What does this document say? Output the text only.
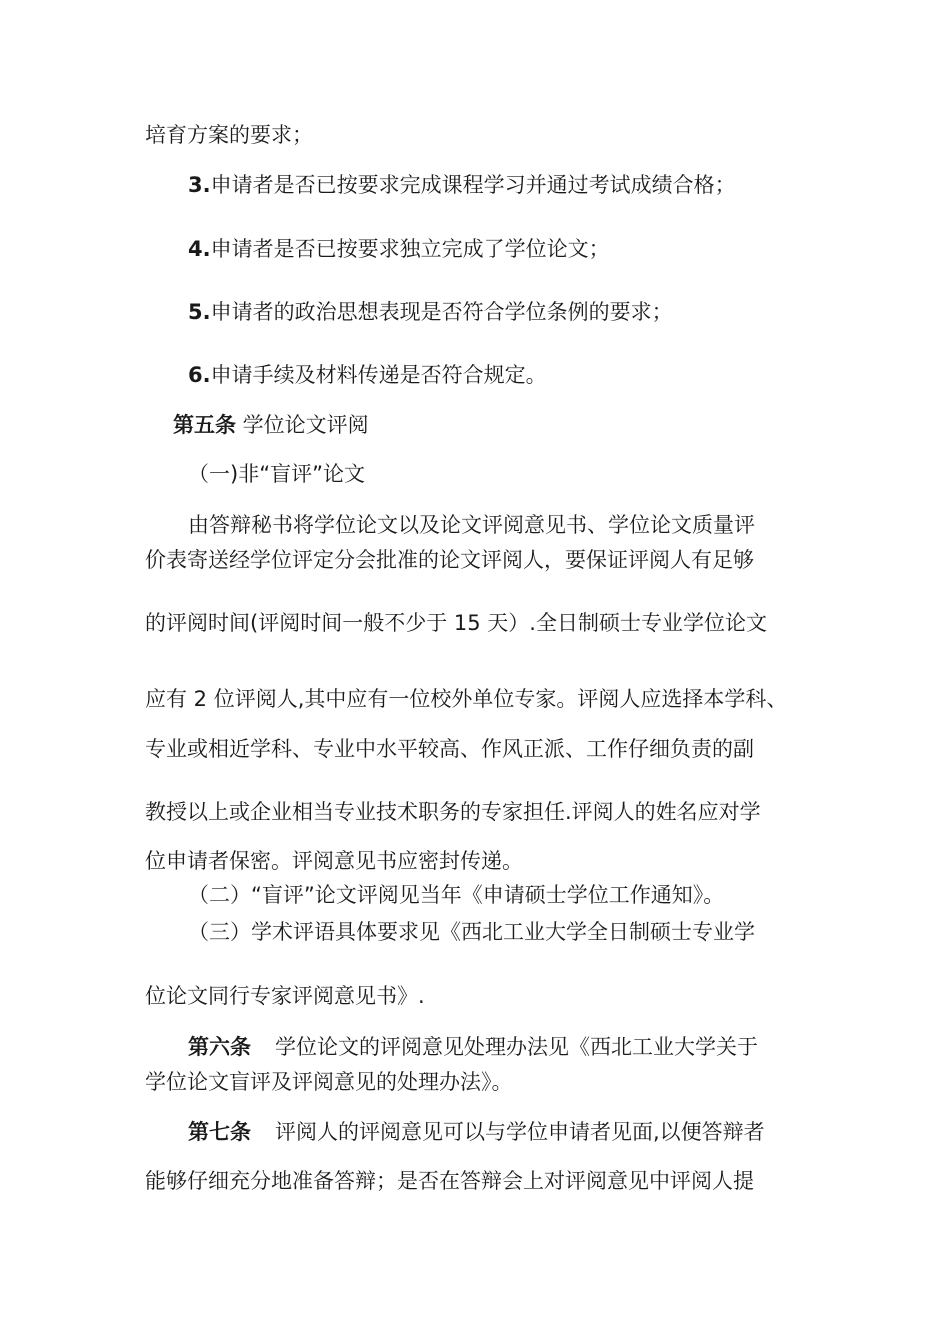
培育方案的要求；
3.申请者是否已按要求完成课程学习并通过考试成绩合格；
4.申请者是否已按要求独立完成了学位论文；
5.申请者的政治思想表现是否符合学位条例的要求；
6.申请手续及材料传递是否符合规定。
第五条 学位论文评阅
（一)非“盲评”论文
由答辩秘书将学位论文以及论文评阅意见书、学位论文质量评
价表寄送经学位评定分会批准的论文评阅人，要保证评阅人有足够
的评阅时间(评阅时间一般不少于 15 天）.全日制硕士专业学位论文
应有 2 位评阅人,其中应有一位校外单位专家。评阅人应选择本学科、
专业或相近学科、专业中水平较高、作风正派、工作仔细负责的副
教授以上或企业相当专业技术职务的专家担任.评阅人的姓名应对学
位申请者保密。评阅意见书应密封传递。
（二）“盲评”论文评阅见当年《申请硕士学位工作通知》。
（三）学术评语具体要求见《西北工业大学全日制硕士专业学
位论文同行专家评阅意见书》.
第六条 学位论文的评阅意见处理办法见《西北工业大学关于
学位论文盲评及评阅意见的处理办法》。
第七条 评阅人的评阅意见可以与学位申请者见面,以便答辩者
能够仔细充分地准备答辩；是否在答辩会上对评阅意见中评阅人提
